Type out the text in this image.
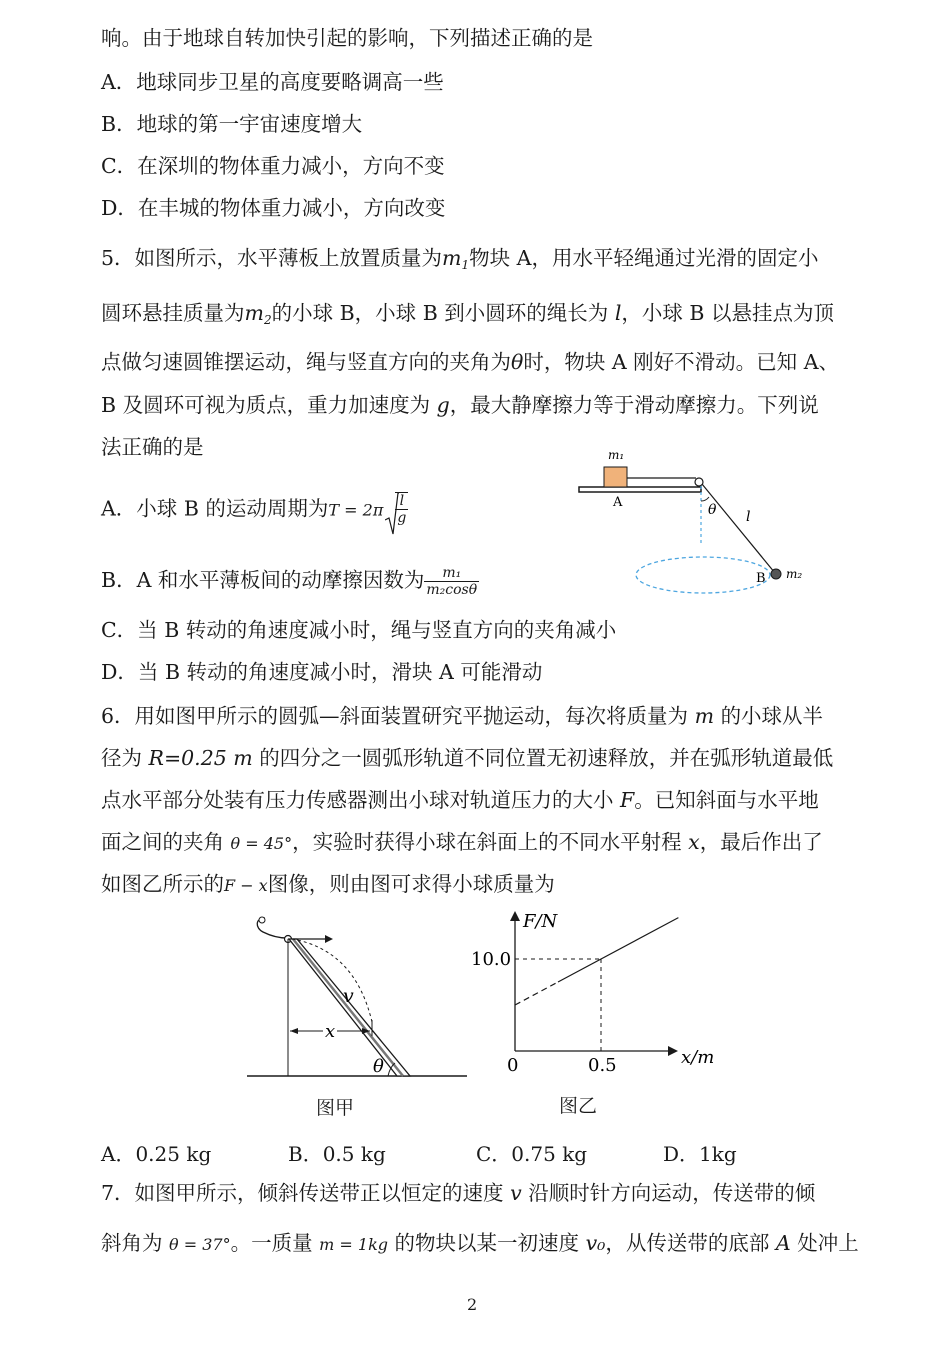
响。由于地球自转加快引起的影响，下列描述正确的是
A．地球同步卫星的高度要略调高一些
B．地球的第一宇宙速度增大
C．在深圳的物体重力减小，方向不变
D．在丰城的物体重力减小，方向改变
5．如图所示，水平薄板上放置质量为$m_1$物块 A，用水平轻绳通过光滑的固定小
圆环悬挂质量为$m_2$的小球 B，小球 B 到小圆环的绳长为 l，小球 B 以悬挂点为顶
点做匀速圆锥摆运动，绳与竖直方向的夹角为θ时，物块 A 刚好不滑动。已知 A、
B 及圆环可视为质点，重力加速度为 g，最大静摩擦力等于滑动摩擦力。下列说
法正确的是
A．小球 B 的运动周期为$T = 2\pi \frac{l}{g}$
B．A 和水平薄板间的动摩擦因数为 $\frac{\text{m₁}}{\text{m₂cosθ}}$
C．当 B 转动的角速度减小时，绳与竖直方向的夹角减小
D．当 B 转动的角速度减小时，滑块 A 可能滑动
m₁
A	θ l
B m₂
6．用如图甲所示的圆弧—斜面装置研究平抛运动，每次将质量为 m 的小球从半
径为 R=0.25 m 的四分之一圆弧形轨道不同位置无初速释放，并在弧形轨道最低
点水平部分处装有压力传感器测出小球对轨道压力的大小 F。已知斜面与水平地
面之间的夹角 θ = 45°，实验时获得小球在斜面上的不同水平射程 x，最后作出了
如图乙所示的F − x图像，则由图可求得小球质量为
v
x
θ
图甲
F/N
x/m
10.0
0.5
0
图乙
A．0.25 kg	B．0.5 kg	C．0.75 kg	D．1kg
7．如图甲所示，倾斜传送带正以恒定的速度 v 沿顺时针方向运动，传送带的倾
斜角为 θ = 37°。一质量 m = 1kg 的物块以某一初速度 v₀，从传送带的底部 A 处冲上
2
